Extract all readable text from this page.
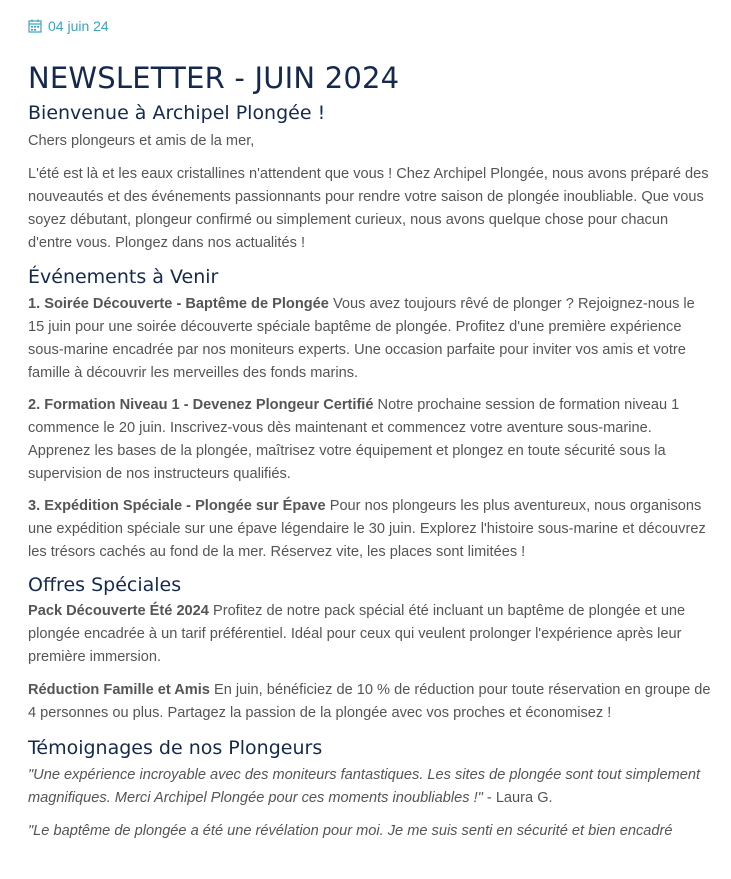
04 juin 24
NEWSLETTER - JUIN 2024
Bienvenue à Archipel Plongée !

Chers plongeurs et amis de la mer,

L'été est là et les eaux cristallines n'attendent que vous ! Chez Archipel Plongée, nous avons préparé des nouveautés et des événements passionnants pour rendre votre saison de plongée inoubliable. Que vous soyez débutant, plongeur confirmé ou simplement curieux, nous avons quelque chose pour chacun d'entre vous. Plongez dans nos actualités !

Événements à Venir

1. Soirée Découverte - Baptême de Plongée Vous avez toujours rêvé de plonger ? Rejoignez-nous le 15 juin pour une soirée découverte spéciale baptême de plongée. Profitez d'une première expérience sous-marine encadrée par nos moniteurs experts. Une occasion parfaite pour inviter vos amis et votre famille à découvrir les merveilles des fonds marins.

2. Formation Niveau 1 - Devenez Plongeur Certifié Notre prochaine session de formation niveau 1 commence le 20 juin. Inscrivez-vous dès maintenant et commencez votre aventure sous-marine. Apprenez les bases de la plongée, maîtrisez votre équipement et plongez en toute sécurité sous la supervision de nos instructeurs qualifiés.

3. Expédition Spéciale - Plongée sur Épave Pour nos plongeurs les plus aventureux, nous organisons une expédition spéciale sur une épave légendaire le 30 juin. Explorez l'histoire sous-marine et découvrez les trésors cachés au fond de la mer. Réservez vite, les places sont limitées !

Offres Spéciales

Pack Découverte Été 2024 Profitez de notre pack spécial été incluant un baptême de plongée et une plongée encadrée à un tarif préférentiel. Idéal pour ceux qui veulent prolonger l'expérience après leur première immersion.

Réduction Famille et Amis En juin, bénéficiez de 10 % de réduction pour toute réservation en groupe de 4 personnes ou plus. Partagez la passion de la plongée avec vos proches et économisez !

Témoignages de nos Plongeurs

"Une expérience incroyable avec des moniteurs fantastiques. Les sites de plongée sont tout simplement magnifiques. Merci Archipel Plongée pour ces moments inoubliables !" - Laura G.

"Le baptême de plongée a été une révélation pour moi. Je me suis senti en sécurité et bien encadré
